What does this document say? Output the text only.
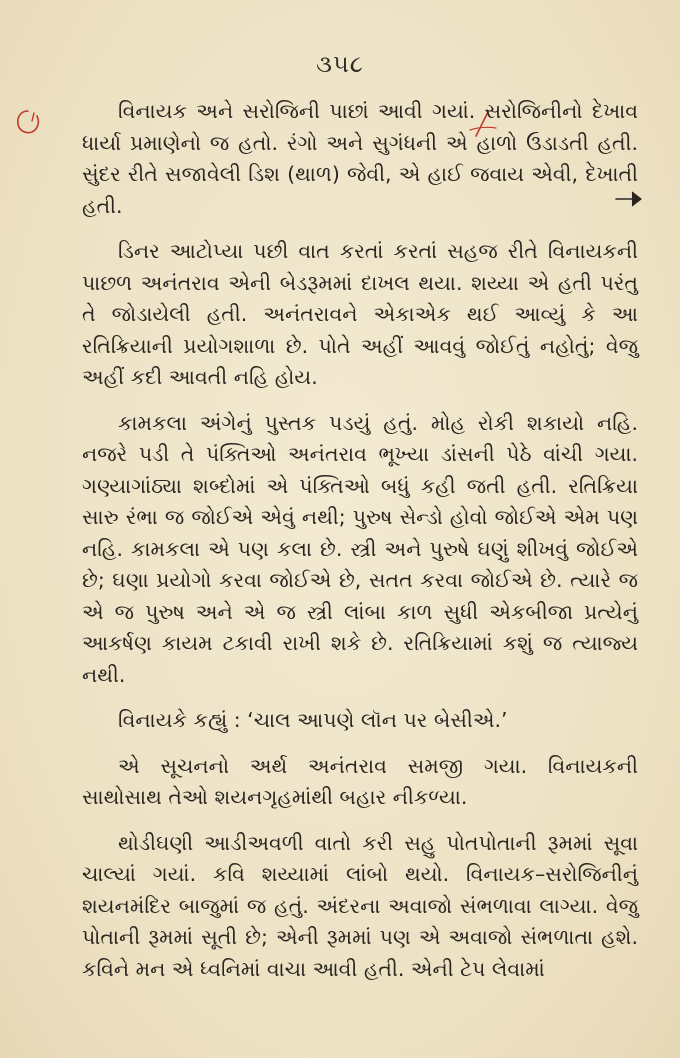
૩૫૮

વિનાયક અને સરોજિની પાછાં આવી ગયાં. સરોજિનીનો દેખાવ ધાર્યા પ્રમાણેનો જ હતો. રંગો અને સુગંધની એ હાળો ઉડાડતી હતી. સુંદર રીતે સજાવેલી ડિશ (થાળ) જેવી, એ હાઈ જવાય એવી, દેખાતી હતી.

ડિનર આટોપ્યા પછી વાત કરતાં કરતાં સહજ રીતે વિનાયકની પાછળ અનંતરાવ એની બેડરૂમમાં દાખલ થયા. શય્યા એ હતી પરંતુ તે જોડાયેલી હતી. અનંતરાવને એકાએક થઈ આવ્યું કે આ રતિક્રિયાની પ્રયોગશાળા છે. પોતે અહીં આવવું જોઈતું નહોતું; વેજુ અહીં કદી આવતી નહિ હોય.

કામકલા અંગેનું પુસ્તક પડયું હતું. મોહ રોકી શકાયો નહિ. નજરે પડી તે પંક્તિઓ અનંતરાવ ભૂખ્યા ડાંસની પેઠે વાંચી ગયા. ગણ્યાગાંઠ્યા શબ્દોમાં એ પંક્તિઓ બધું કહી જતી હતી. રતિક્રિયા સારુ રંભા જ જોઈએ એવું નથી; પુરુષ સેન્ડો હોવો જોઈએ એમ પણ નહિ. કામકલા એ પણ કલા છે. સ્ત્રી અને પુરુષે ઘણું શીખવું જોઈએ છે; ઘણા પ્રયોગો કરવા જોઈએ છે, સતત કરવા જોઈએ છે. ત્યારે જ એ જ પુરુષ અને એ જ સ્ત્રી લાંબા કાળ સુધી એકબીજા પ્રત્યેનું આકર્ષણ કાયમ ટકાવી રાખી શકે છે. રતિક્રિયામાં કશું જ ત્યાજ્ય નથી.

વિનાયકે કહ્યું : ‘ચાલ આપણે લૉન પર બેસીએ.’

એ સૂચનનો અર્થ અનંતરાવ સમજી ગયા. વિનાયકની સાથોસાથ તેઓ શયનગૃહમાંથી બહાર નીકળ્યા.

થોડીઘણી આડીઅવળી વાતો કરી સહુ પોતપોતાની રૂમમાં સૂવા ચાલ્યાં ગયાં. કવિ શય્યામાં લાંબો થયો. વિનાયક–સરોજિનીનું શયનમંદિર બાજુમાં જ હતું. અંદરના અવાજો સંભળાવા લાગ્યા. વેજુ પોતાની રૂમમાં સૂતી છે; એની રૂમમાં પણ એ અવાજો સંભળાતા હશે. કવિને મન એ ધ્વનિમાં વાચા આવી હતી. એની ટેપ લેવામાં
